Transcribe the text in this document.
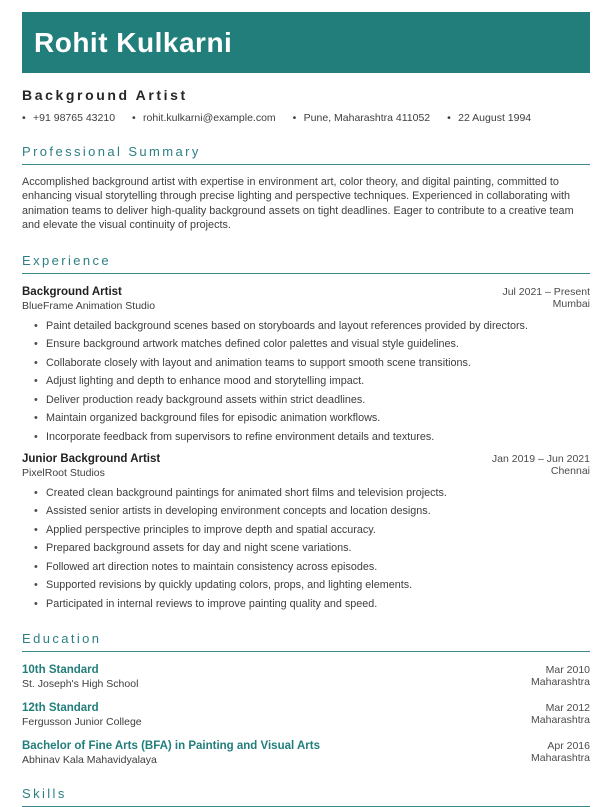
Rohit Kulkarni
Background Artist
• +91 98765 43210	• rohit.kulkarni@example.com	• Pune, Maharashtra 411052	• 22 August 1994
Professional Summary

Accomplished background artist with expertise in environment art, color theory, and digital painting, committed to enhancing visual storytelling through precise lighting and perspective techniques. Experienced in collaborating with animation teams to deliver high-quality background assets on tight deadlines. Eager to contribute to a creative team and elevate the visual continuity of projects.

Experience
Background Artist	Jul 2021 – Present
BlueFrame Animation Studio	Mumbai
• Paint detailed background scenes based on storyboards and layout references provided by directors.
• Ensure background artwork matches defined color palettes and visual style guidelines.
• Collaborate closely with layout and animation teams to support smooth scene transitions.
• Adjust lighting and depth to enhance mood and storytelling impact.
• Deliver production ready background assets within strict deadlines.
• Maintain organized background files for episodic animation workflows.
• Incorporate feedback from supervisors to refine environment details and textures.
Junior Background Artist	Jan 2019 – Jun 2021
PixelRoot Studios	Chennai
• Created clean background paintings for animated short films and television projects.
• Assisted senior artists in developing environment concepts and location designs.
• Applied perspective principles to improve depth and spatial accuracy.
• Prepared background assets for day and night scene variations.
• Followed art direction notes to maintain consistency across episodes.
• Supported revisions by quickly updating colors, props, and lighting elements.
• Participated in internal reviews to improve painting quality and speed.
Education
10th Standard	Mar 2010
St. Joseph's High School	Maharashtra
12th Standard	Mar 2012
Fergusson Junior College	Maharashtra
Bachelor of Fine Arts (BFA) in Painting and Visual Arts	Apr 2016
Abhinav Kala Mahavidyalaya	Maharashtra
Skills
